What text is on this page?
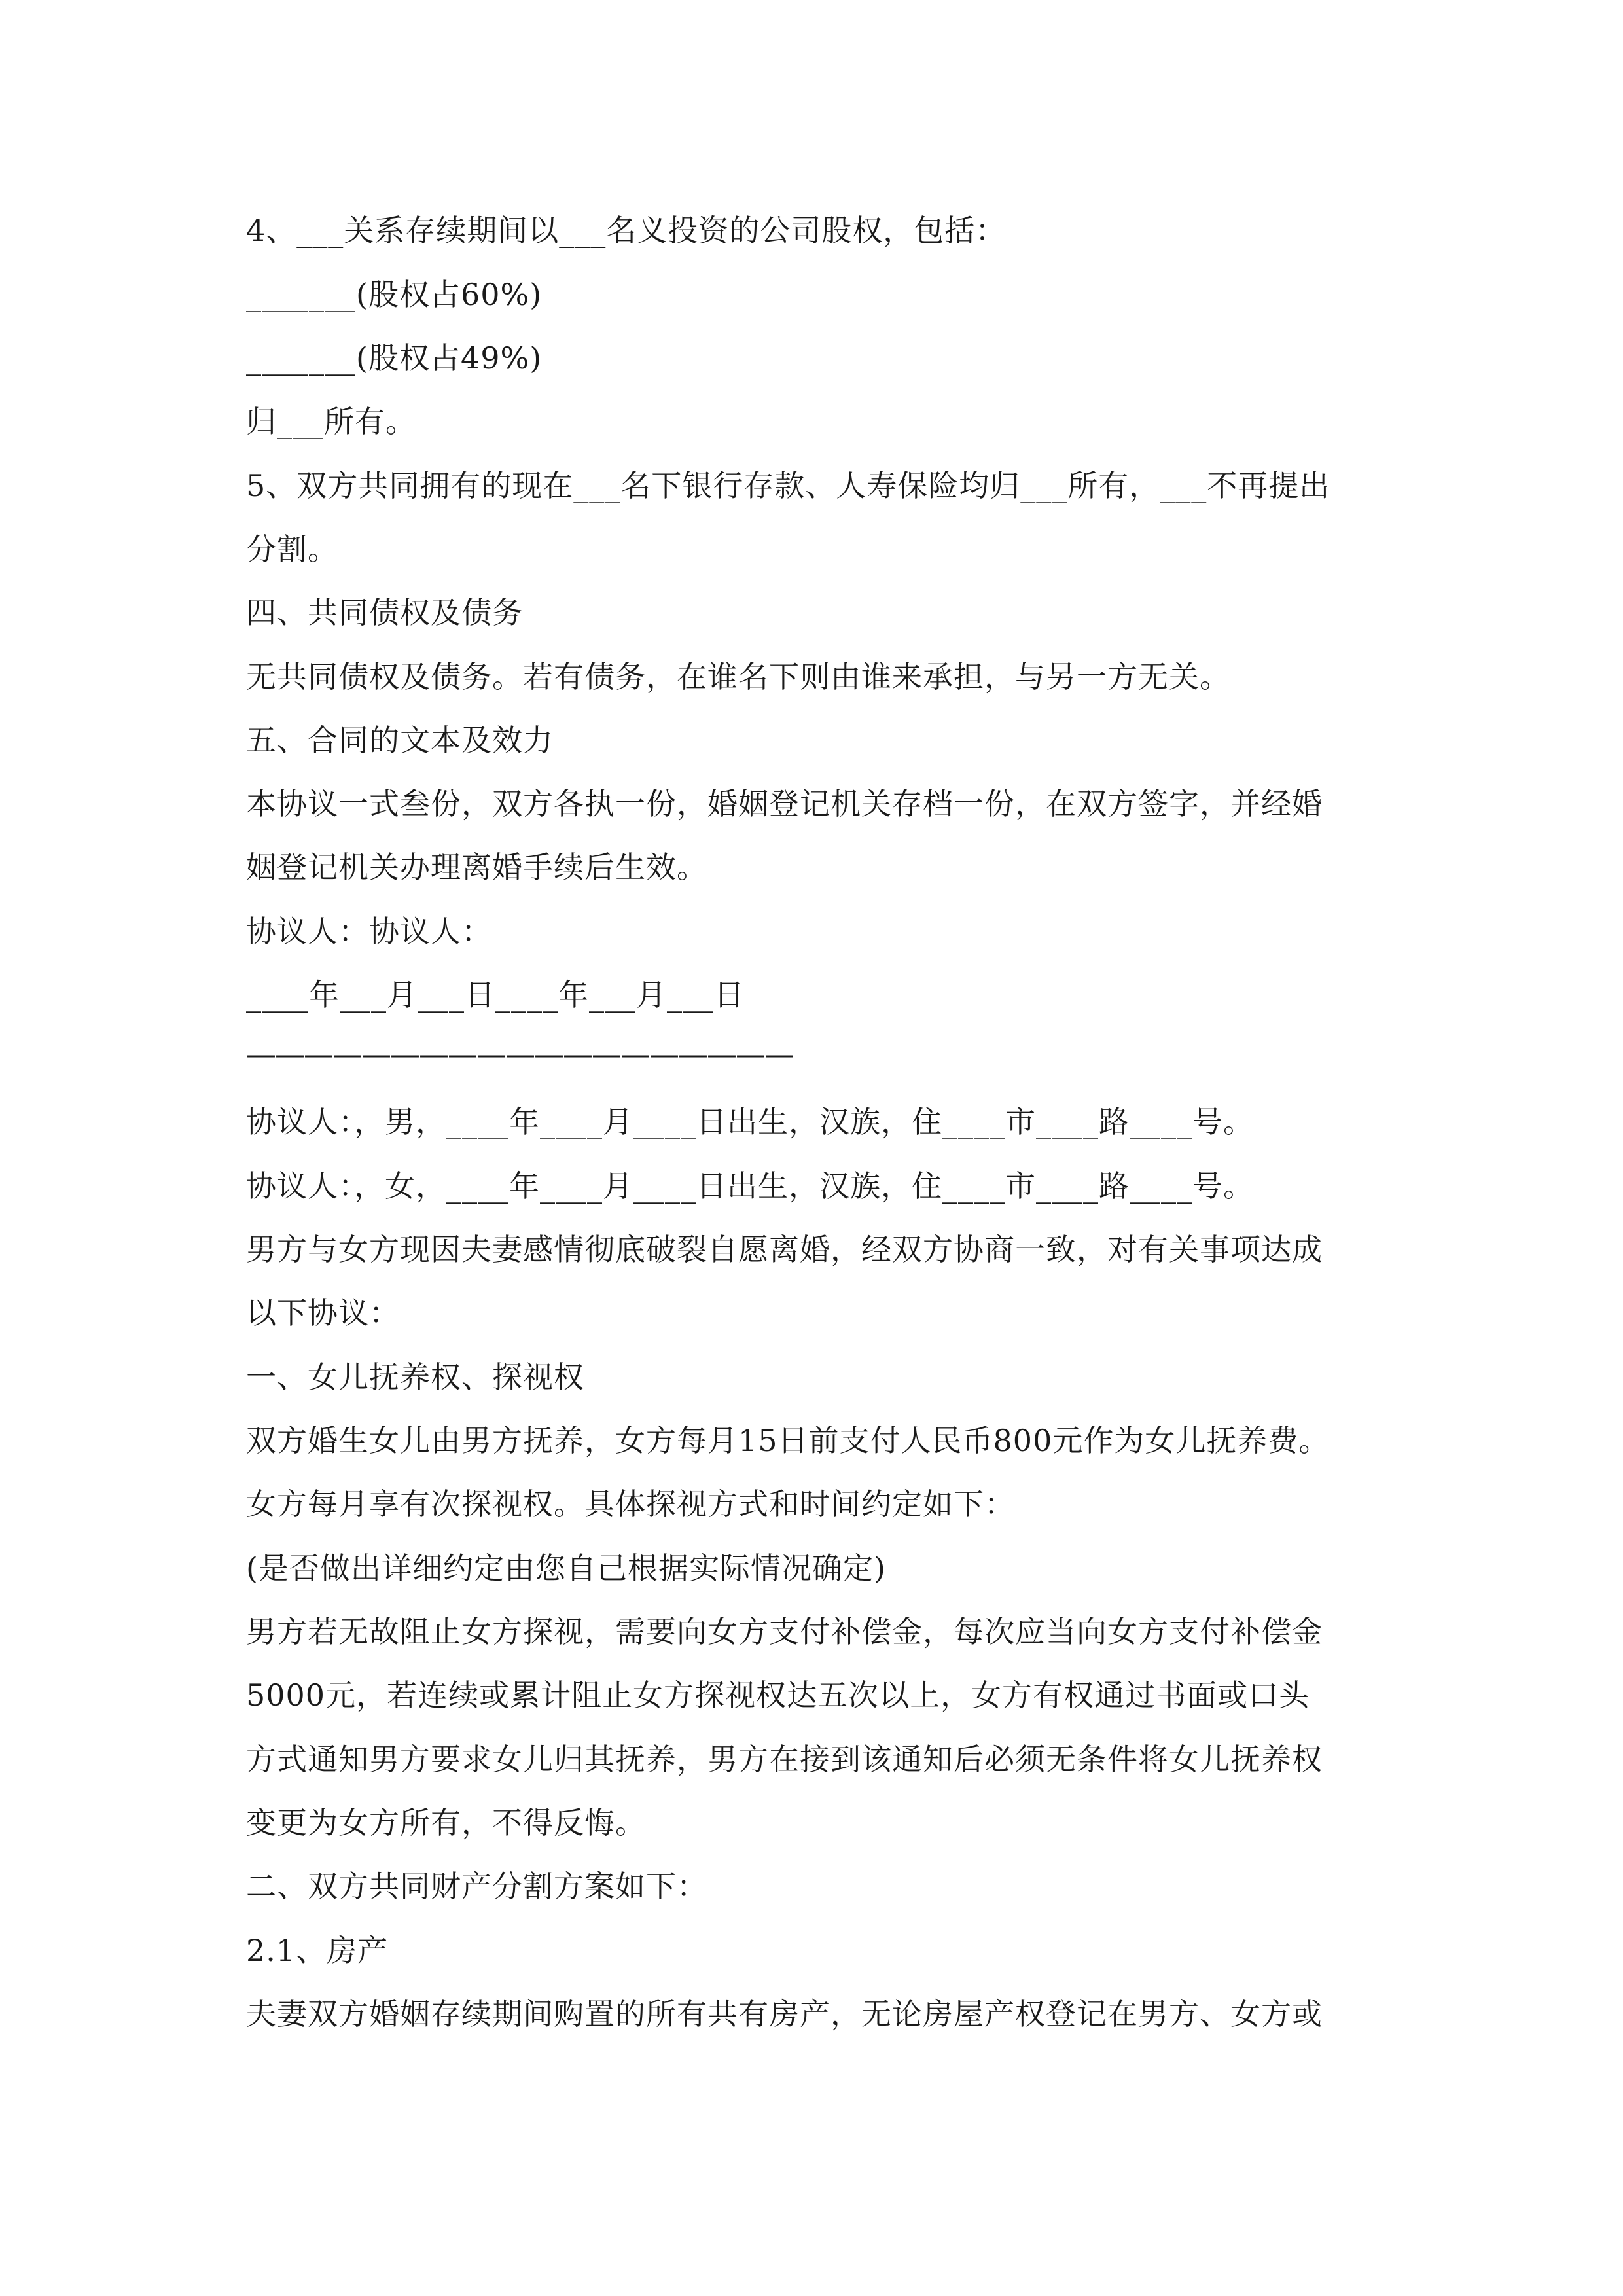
4、___关系存续期间以___名义投资的公司股权，包括：
_______(股权占60%)
_______(股权占49%)
归___所有。
5、双方共同拥有的现在___名下银行存款、人寿保险均归___所有，___不再提出
分割。
四、共同债权及债务
无共同债权及债务。若有债务，在谁名下则由谁来承担，与另一方无关。
五、合同的文本及效力
本协议一式叁份，双方各执一份，婚姻登记机关存档一份，在双方签字，并经婚
姻登记机关办理离婚手续后生效。
协议人：协议人：
____年___月___日____年___月___日
———————————————————
协议人：，男，____年____月____日出生，汉族，住____市____路____号。
协议人：，女，____年____月____日出生，汉族，住____市____路____号。
男方与女方现因夫妻感情彻底破裂自愿离婚，经双方协商一致，对有关事项达成
以下协议：
一、女儿抚养权、探视权
双方婚生女儿由男方抚养，女方每月15日前支付人民币800元作为女儿抚养费。
女方每月享有次探视权。具体探视方式和时间约定如下：
(是否做出详细约定由您自己根据实际情况确定)
男方若无故阻止女方探视，需要向女方支付补偿金，每次应当向女方支付补偿金
5000元，若连续或累计阻止女方探视权达五次以上，女方有权通过书面或口头
方式通知男方要求女儿归其抚养，男方在接到该通知后必须无条件将女儿抚养权
变更为女方所有，不得反悔。
二、双方共同财产分割方案如下：
2.1、房产
夫妻双方婚姻存续期间购置的所有共有房产，无论房屋产权登记在男方、女方或
